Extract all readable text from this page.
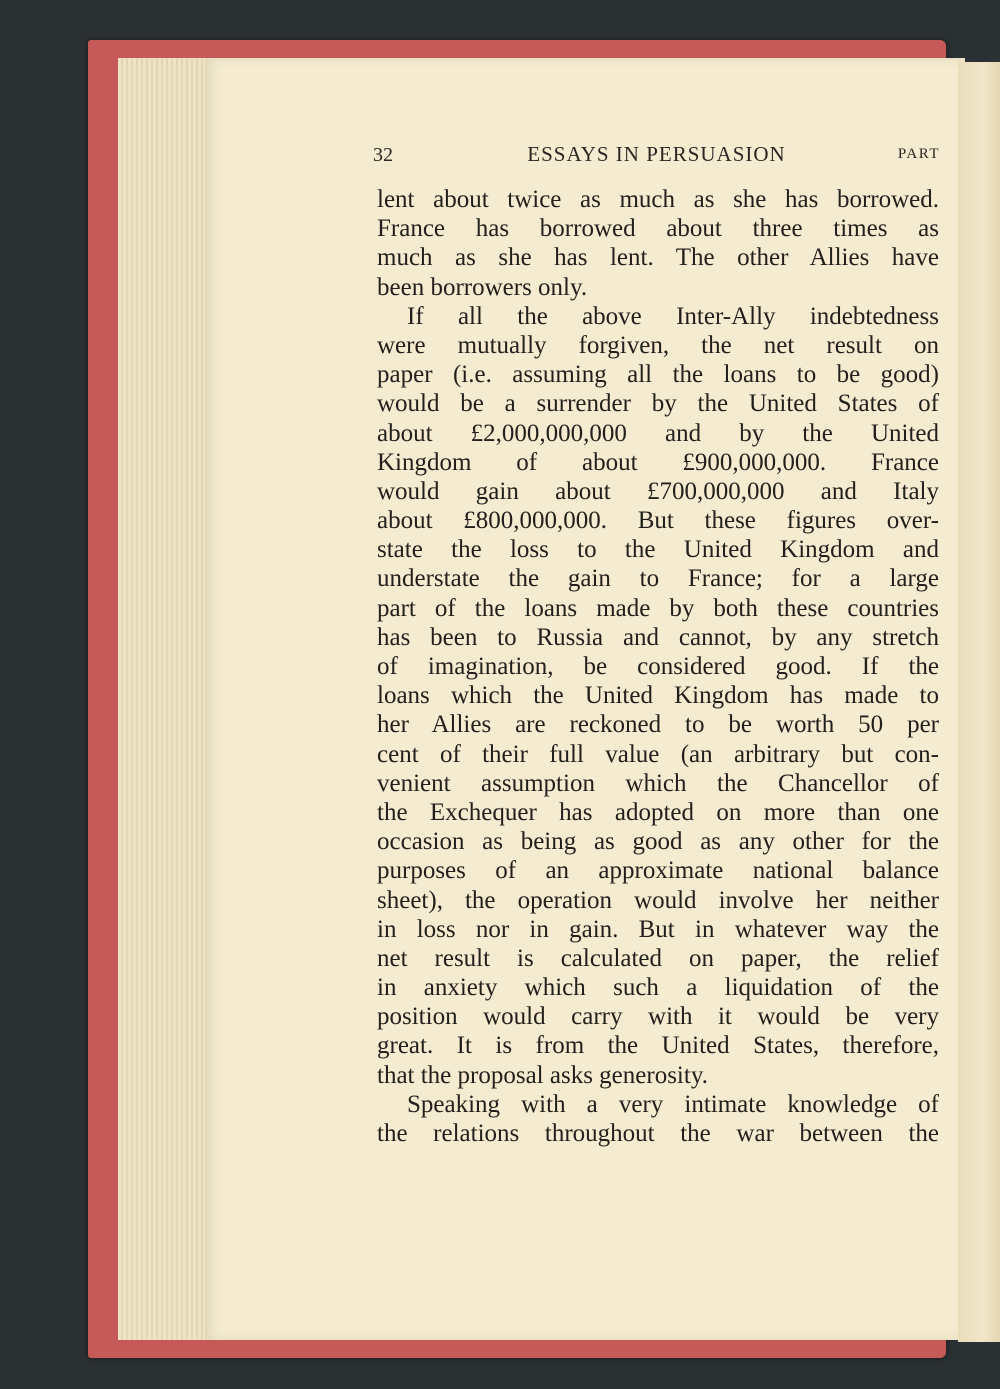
32	ESSAYS IN PERSUASION	PART
lent about twice as much as she has borrowed.
France has borrowed about three times as
much as she has lent. The other Allies have
been borrowers only.
If all the above Inter-Ally indebtedness
were mutually forgiven, the net result on
paper (i.e. assuming all the loans to be good)
would be a surrender by the United States of
about £2,000,000,000 and by the United
Kingdom of about £900,000,000. France
would gain about £700,000,000 and Italy
about £800,000,000. But these figures over-
state the loss to the United Kingdom and
understate the gain to France; for a large
part of the loans made by both these countries
has been to Russia and cannot, by any stretch
of imagination, be considered good. If the
loans which the United Kingdom has made to
her Allies are reckoned to be worth 50 per
cent of their full value (an arbitrary but con-
venient assumption which the Chancellor of
the Exchequer has adopted on more than one
occasion as being as good as any other for the
purposes of an approximate national balance
sheet), the operation would involve her neither
in loss nor in gain. But in whatever way the
net result is calculated on paper, the relief
in anxiety which such a liquidation of the
position would carry with it would be very
great. It is from the United States, therefore,
that the proposal asks generosity.
Speaking with a very intimate knowledge of
the relations throughout the war between the
